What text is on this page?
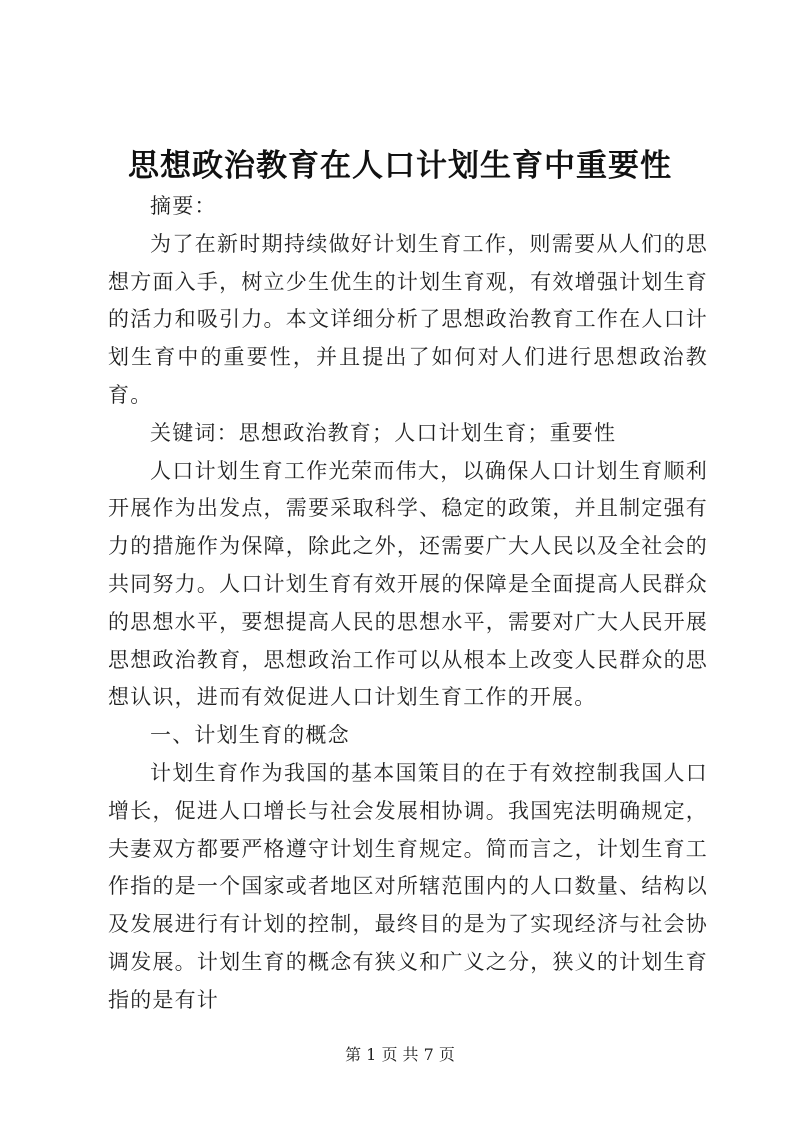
思想政治教育在人口计划生育中重要性

摘要：

为了在新时期持续做好计划生育工作，则需要从人们的思想方面入手，树立少生优生的计划生育观，有效增强计划生育的活力和吸引力。本文详细分析了思想政治教育工作在人口计划生育中的重要性，并且提出了如何对人们进行思想政治教育。

关键词：思想政治教育；人口计划生育；重要性

人口计划生育工作光荣而伟大，以确保人口计划生育顺利开展作为出发点，需要采取科学、稳定的政策，并且制定强有力的措施作为保障，除此之外，还需要广大人民以及全社会的共同努力。人口计划生育有效开展的保障是全面提高人民群众的思想水平，要想提高人民的思想水平，需要对广大人民开展思想政治教育，思想政治工作可以从根本上改变人民群众的思想认识，进而有效促进人口计划生育工作的开展。

一、计划生育的概念

计划生育作为我国的基本国策目的在于有效控制我国人口增长，促进人口增长与社会发展相协调。我国宪法明确规定，夫妻双方都要严格遵守计划生育规定。简而言之，计划生育工作指的是一个国家或者地区对所辖范围内的人口数量、结构以及发展进行有计划的控制，最终目的是为了实现经济与社会协调发展。计划生育的概念有狭义和广义之分，狭义的计划生育指的是有计

第 1 页 共 7 页
